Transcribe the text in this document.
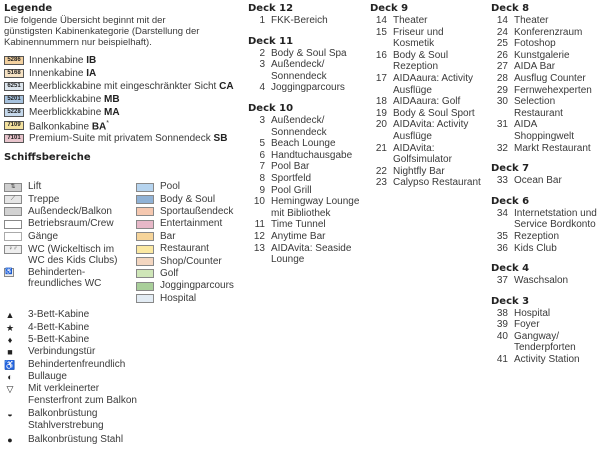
Legende
Die folgende Übersicht beginnt mit der günstigsten Kabinenkategorie (Darstellung der Kabinennummern nur beispielhaft).
5286 Innenkabine IB
5168 Innenkabine IA
6251 Meerblickkabine mit eingeschränkter Sicht CA
5201 Meerblickkabine MB
5228 Meerblickkabine MA
7109 Balkonkabine BA*
7101 Premium-Suite mit privatem Sonnendeck SB
Schiffsbereiche
⇅	Lift
⟋	Treppe
Außendeck/Balkon
Betriebsraum/Crew
Gänge
♀♂	WC (Wickeltisch im WC des Kids Clubs)
♿ Behinderten-freundliches WC
Pool
Body & Soul
Sportaußendeck
Entertainment
Bar
Restaurant
Shop/Counter
Golf
Joggingparcours
Hospital
▲ 3-Bett-Kabine
★ 4-Bett-Kabine
♦	5-Bett-Kabine
■	Verbindungstür
♿ Behindertenfreundlich
◐	Bullauge
▽ Mit verkleinerter Fensterfront zum Balkon
◒	Balkonbrüstung Stahlverstrebung
●	Balkonbrüstung Stahl
Deck 12
1 FKK-Bereich
Deck 11
2 Body & Soul Spa
3 Außendeck/ Sonnendeck
4 Joggingparcours
Deck 10
3 Außendeck/ Sonnendeck
5 Beach Lounge
6 Handtuchausgabe
7 Pool Bar
8 Sportfeld
9 Pool Grill
10 Hemingway Lounge mit Bibliothek
11 Time Tunnel
12 Anytime Bar
13 AIDAvita: Seaside Lounge
Deck 9
14 Theater
15 Friseur und Kosmetik
16 Body & Soul Rezeption
17 AIDAaura: Activity Ausflüge
18 AIDAaura: Golf
19 Body & Soul Sport
20 AIDAvita: Activity Ausflüge
21 AIDAvita: Golfsimulator
22 Nightfly Bar
23 Calypso Restaurant
Deck 8
14 Theater
24 Konferenzraum
25 Fotoshop
26 Kunstgalerie
27 AIDA Bar
28 Ausflug Counter
29 Fernwehexperten
30 Selection Restaurant
31 AIDA Shoppingwelt
32 Markt Restaurant
Deck 7
33 Ocean Bar
Deck 6
34 Internetstation und Service Bordkonto
35 Rezeption
36 Kids Club
Deck 4
37 Waschsalon
Deck 3
38 Hospital
39 Foyer
40 Gangway/ Tenderpforten
41 Activity Station
